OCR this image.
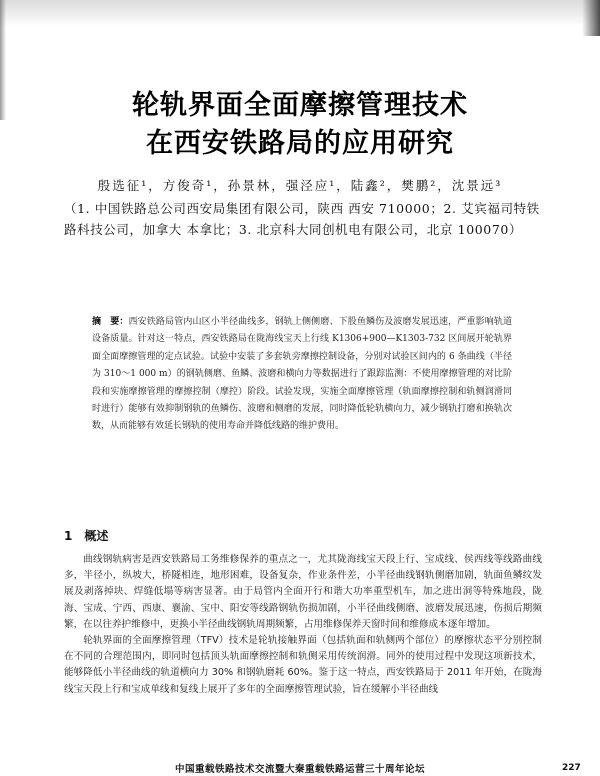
轮轨界面全面摩擦管理技术
在西安铁路局的应用研究
殷选征¹，方俊奇¹，孙景林，强泾应¹，陆鑫²，樊鹏²，沈景远³
（1. 中国铁路总公司西安局集团有限公司，陕西 西安 710000；2. 艾宾福司特铁路科技公司，加拿大 本拿比；3. 北京科大同创机电有限公司，北京 100070）
摘　要：西安铁路局管内山区小半径曲线多，钢轨上侧侧磨、下股鱼鳞伤及波磨发展迅速，严重影响轨道设备质量。针对这一特点，西安铁路局在陇海线宝天上行线 K1306+900—K1303-732 区间展开轮轨界面全面摩擦管理的定点试验。试验中安装了多套轨旁摩擦控制设备，分别对试验区间内的 6 条曲线（半径为 310～1 000 m）的钢轨侧磨、鱼鳞、波磨和横向力等数据进行了跟踪监测：不使用摩擦管理的对比阶段和实施摩擦管理的摩擦控制（摩控）阶段。试验发现，实施全面摩擦管理（轨面摩擦控制和轨侧润滑同时进行）能够有效抑制钢轨的鱼鳞伤、波磨和侧磨的发展，同时降低轮轨横向力，减少钢轨打磨和换轨次数，从而能够有效延长钢轨的使用寿命并降低线路的维护费用。
1　概述

曲线钢轨病害是西安铁路局工务维修保养的重点之一，尤其陇海线宝天段上行、宝成线、侯西线等线路曲线多，半径小，纵坡大，桥隧相连，地形困难，设备复杂，作业条件差，小半径曲线钢轨侧磨加剧，轨面鱼鳞纹发展及剥落掉块、焊缝低塌等病害显著。由于局管内全面开行和谐大功率重型机车，加之进出洞等特殊地段，陇海、宝成、宁西、西康、襄渝、宝中、阳安等线路钢轨伤损加剧，小半径曲线侧磨、波磨发展迅速，伤损后期频繁，在以往养护维修中，更换小半径曲线钢轨周期频繁，占用维修保养天窗时间和维修成本逐年增加。

轮轨界面的全面摩擦管理（TFV）技术是轮轨接触界面（包括轨面和轨侧两个部位）的摩擦状态平分别控制在不同的合理范围内，即同时包括顶头轨面摩擦控制和轨侧采用传统润滑。同外的使用过程中发现这项新技术，能够降低小半径曲线的轨道横向力 30% 和钢轨磨耗 60%。鉴于这一特点，西安铁路局于 2011 年开始，在陇海线宝天段上行和宝成单线和复线上展开了多年的全面摩擦管理试验，旨在缓解小半径曲线

中国重载铁路技术交流暨大秦重载铁路运营三十周年论坛	227
